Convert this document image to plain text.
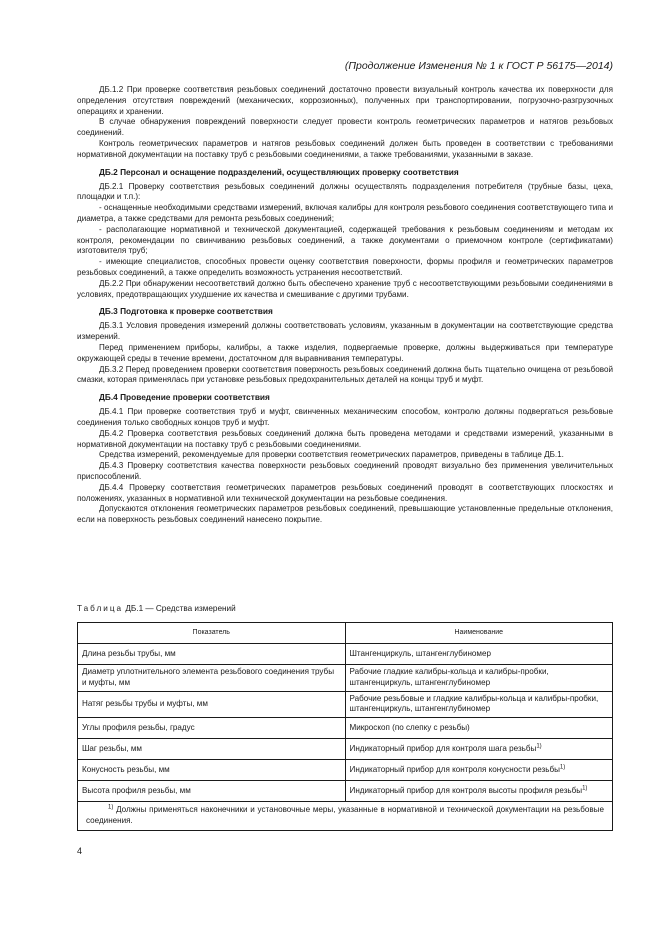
(Продолжение Изменения № 1 к ГОСТ Р 56175—2014)

ДБ.1.2 При проверке соответствия резьбовых соединений достаточно провести визуальный контроль качества их поверхности для определения отсутствия повреждений (механических, коррозионных), полученных при транспортировании, погрузочно-разгрузочных операциях и хранении.

В случае обнаружения повреждений поверхности следует провести контроль геометрических параметров и натягов резьбовых соединений.

Контроль геометрических параметров и натягов резьбовых соединений должен быть проведен в соответствии с требованиями нормативной документации на поставку труб с резьбовыми соединениями, а также требованиями, указанными в заказе.

ДБ.2 Персонал и оснащение подразделений, осуществляющих проверку соответствия

ДБ.2.1 Проверку соответствия резьбовых соединений должны осуществлять подразделения потребителя (трубные базы, цеха, площадки и т.п.):

- оснащенные необходимыми средствами измерений, включая калибры для контроля резьбового соединения соответствующего типа и диаметра, а также средствами для ремонта резьбовых соединений;

- располагающие нормативной и технической документацией, содержащей требования к резьбовым соединениям и методам их контроля, рекомендации по свинчиванию резьбовых соединений, а также документами о приемочном контроле (сертификатами) изготовителя труб;

- имеющие специалистов, способных провести оценку соответствия поверхности, формы профиля и геометрических параметров резьбовых соединений, а также определить возможность устранения несоответствий.

ДБ.2.2 При обнаружении несоответствий должно быть обеспечено хранение труб с несоответствующими резьбовыми соединениями в условиях, предотвращающих ухудшение их качества и смешивание с другими трубами.

ДБ.3 Подготовка к проверке соответствия

ДБ.3.1 Условия проведения измерений должны соответствовать условиям, указанным в документации на соответствующие средства измерений.

Перед применением приборы, калибры, а также изделия, подвергаемые проверке, должны выдерживаться при температуре окружающей среды в течение времени, достаточном для выравнивания температуры.

ДБ.3.2 Перед проведением проверки соответствия поверхность резьбовых соединений должна быть тщательно очищена от резьбовой смазки, которая применялась при установке резьбовых предохранительных деталей на концы труб и муфт.

ДБ.4 Проведение проверки соответствия

ДБ.4.1 При проверке соответствия труб и муфт, свинченных механическим способом, контролю должны подвергаться резьбовые соединения только свободных концов труб и муфт.

ДБ.4.2 Проверка соответствия резьбовых соединений должна быть проведена методами и средствами измерений, указанными в нормативной документации на поставку труб с резьбовыми соединениями.

Средства измерений, рекомендуемые для проверки соответствия геометрических параметров, приведены в таблице ДБ.1.

ДБ.4.3 Проверку соответствия качества поверхности резьбовых соединений проводят визуально без применения увеличительных приспособлений.

ДБ.4.4 Проверку соответствия геометрических параметров резьбовых соединений проводят в соответствующих плоскостях и положениях, указанных в нормативной или технической документации на резьбовые соединения.

Допускаются отклонения геометрических параметров резьбовых соединений, превышающие установленные предельные отклонения, если на поверхность резьбовых соединений нанесено покрытие.

Таблица ДБ.1 — Средства измерений
Показатель	Наименование
Длина резьбы трубы, мм	Штангенциркуль, штангенглубиномер
Диаметр уплотнительного элемента резьбового соединения трубы и муфты, мм	Рабочие гладкие калибры-кольца и калибры-пробки, штангенциркуль, штангенглубиномер
Натяг резьбы трубы и муфты, мм	Рабочие резьбовые и гладкие калибры-кольца и калибры-пробки, штангенциркуль, штангенглубиномер
Углы профиля резьбы, градус	Микроскоп (по слепку с резьбы)
Шаг резьбы, мм	Индикаторный прибор для контроля шага резьбы$^{1)}$
Конусность резьбы, мм	Индикаторный прибор для контроля конусности резьбы$^{1)}$
Высота профиля резьбы, мм	Индикаторный прибор для контроля высоты профиля резьбы$^{1)}$

$^{1)}$ Должны применяться наконечники и установочные меры, указанные в нормативной и технической документации на резьбовые соединения.	
4
